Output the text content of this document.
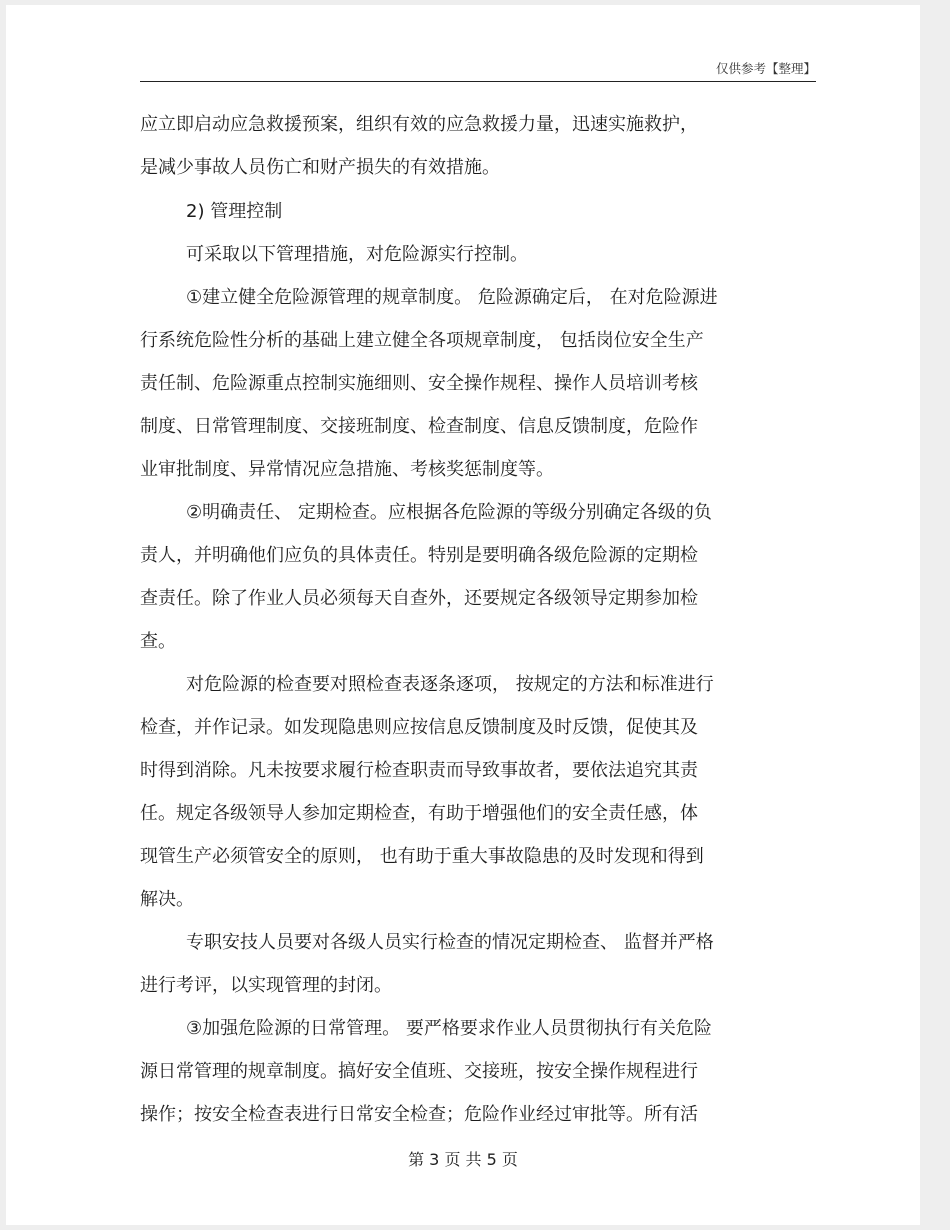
仅供参考【整理】
应立即启动应急救援预案，组织有效的应急救援力量，迅速实施救护，
是减少事故人员伤亡和财产损失的有效措施。
2) 管理控制
可采取以下管理措施，对危险源实行控制。
①建立健全危险源管理的规章制度。 危险源确定后， 在对危险源进
行系统危险性分析的基础上建立健全各项规章制度， 包括岗位安全生产
责任制、危险源重点控制实施细则、安全操作规程、操作人员培训考核
制度、日常管理制度、交接班制度、检查制度、信息反馈制度，危险作
业审批制度、异常情况应急措施、考核奖惩制度等。
②明确责任、 定期检查。应根据各危险源的等级分别确定各级的负
责人，并明确他们应负的具体责任。特别是要明确各级危险源的定期检
查责任。除了作业人员必须每天自查外，还要规定各级领导定期参加检
查。
对危险源的检查要对照检查表逐条逐项， 按规定的方法和标准进行
检查，并作记录。如发现隐患则应按信息反馈制度及时反馈，促使其及
时得到消除。凡未按要求履行检查职责而导致事故者，要依法追究其责
任。规定各级领导人参加定期检查，有助于增强他们的安全责任感，体
现管生产必须管安全的原则， 也有助于重大事故隐患的及时发现和得到
解决。
专职安技人员要对各级人员实行检查的情况定期检查、 监督并严格
进行考评，以实现管理的封闭。
③加强危险源的日常管理。 要严格要求作业人员贯彻执行有关危险
源日常管理的规章制度。搞好安全值班、交接班，按安全操作规程进行
操作；按安全检查表进行日常安全检查；危险作业经过审批等。所有活
第 3 页 共 5 页
